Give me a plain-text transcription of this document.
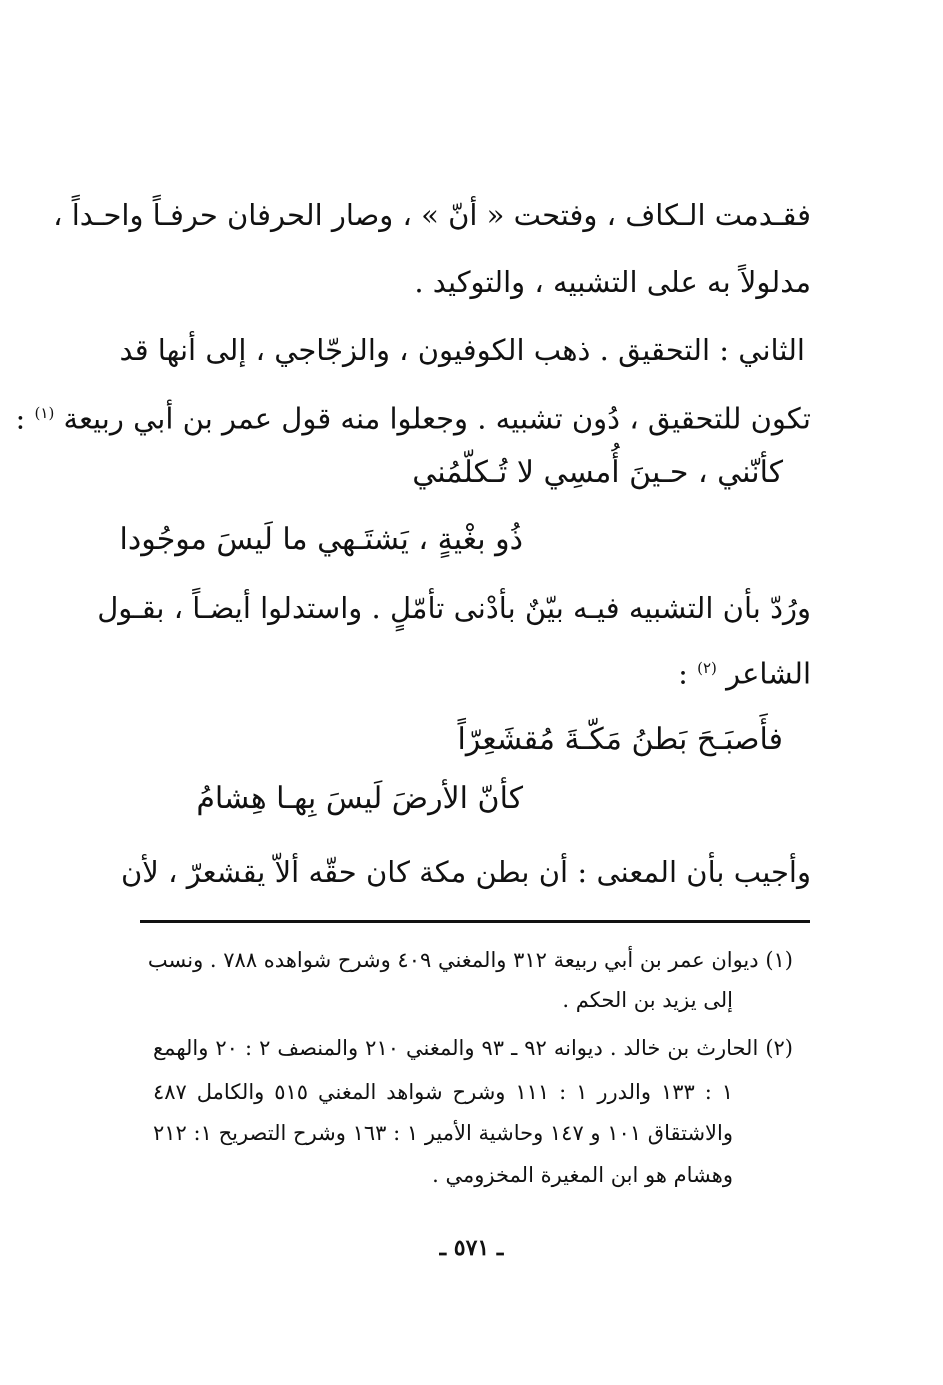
فقـدمت الـكاف ، وفتحت « أنّ » ، وصار الحرفان حرفـاً واحـداً ،
مدلولاً به على التشبيه ، والتوكيد .
الثاني : التحقيق . ذهب الكوفيون ، والزجّاجي ، إلى أنها قد
تكون للتحقيق ، دُون تشبيه . وجعلوا منه قول عمر بن أبي ربيعة $^{(١)}$ :
كأنّني ، حـينَ أُمسِي لا تُـكلّمُني
ذُو بغْيةٍ ، يَشتَـهي ما لَيسَ موجُودا
ورُدّ بأن التشبيه فيـه بيّنٌ بأدْنى تأمّلٍ . واستدلوا أيضـاً ، بقـول
الشاعر $^{(٢)}$ :
فأَصبَـحَ بَطنُ مَكّـةَ مُقشَعِرّاً
كأنّ الأرضَ لَيسَ بِهـا هِشامُ
وأجيب بأن المعنى : أن بطن مكة كان حقّه ألاّ يقشعرّ ، لأن
(١) ديوان عمر بن أبي ربيعة ٣١٢ والمغني ٤٠٩ وشرح شواهده ٧٨٨ . ونسب
إلى يزيد بن الحكم .
(٢) الحارث بن خالد . ديوانه ٩٢ ـ ٩٣ والمغني ٢١٠ والمنصف ٢ : ٢٠ والهمع
١ : ١٣٣ والدرر ١ : ١١١ وشرح شواهد المغني ٥١٥ والكامل ٤٨٧
والاشتقاق ١٠١ و ١٤٧ وحاشية الأمير ١ : ١٦٣ وشرح التصريح ١: ٢١٢
وهشام هو ابن المغيرة المخزومي .
ـ ٥٧١ ـ
